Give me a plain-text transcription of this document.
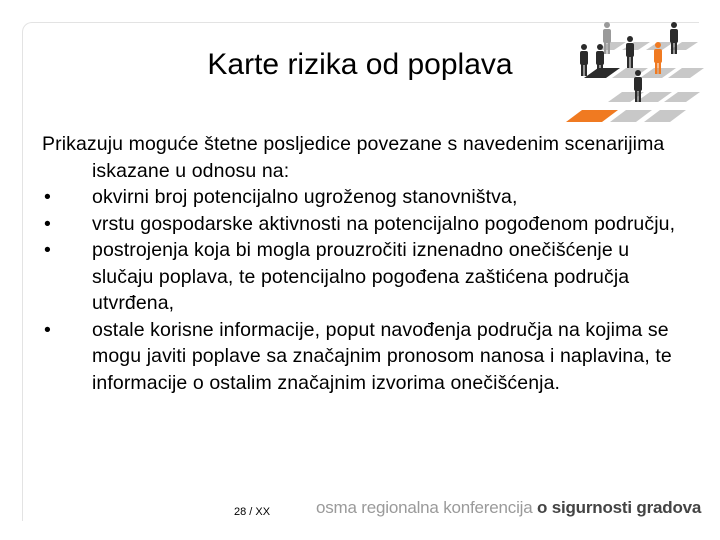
Karte rizika od poplava

Prikazuju moguće štetne posljedice povezane s navedenim scenarijima iskazane u odnosu na:

• okvirni broj potencijalno ugroženog stanovništva,

• vrstu gospodarske aktivnosti na potencijalno pogođenom području,

• postrojenja koja bi mogla prouzročiti iznenadno onečišćenje u slučaju poplava, te potencijalno pogođena zaštićena područja utvrđena,

• ostale korisne informacije, poput navođenja područja na kojima se mogu javiti poplave sa značajnim pronosom nanosa i naplavina, te informacije o ostalim značajnim izvorima onečišćenja.

28 / XX	osma regionalna konferencija o sigurnosti gradova
